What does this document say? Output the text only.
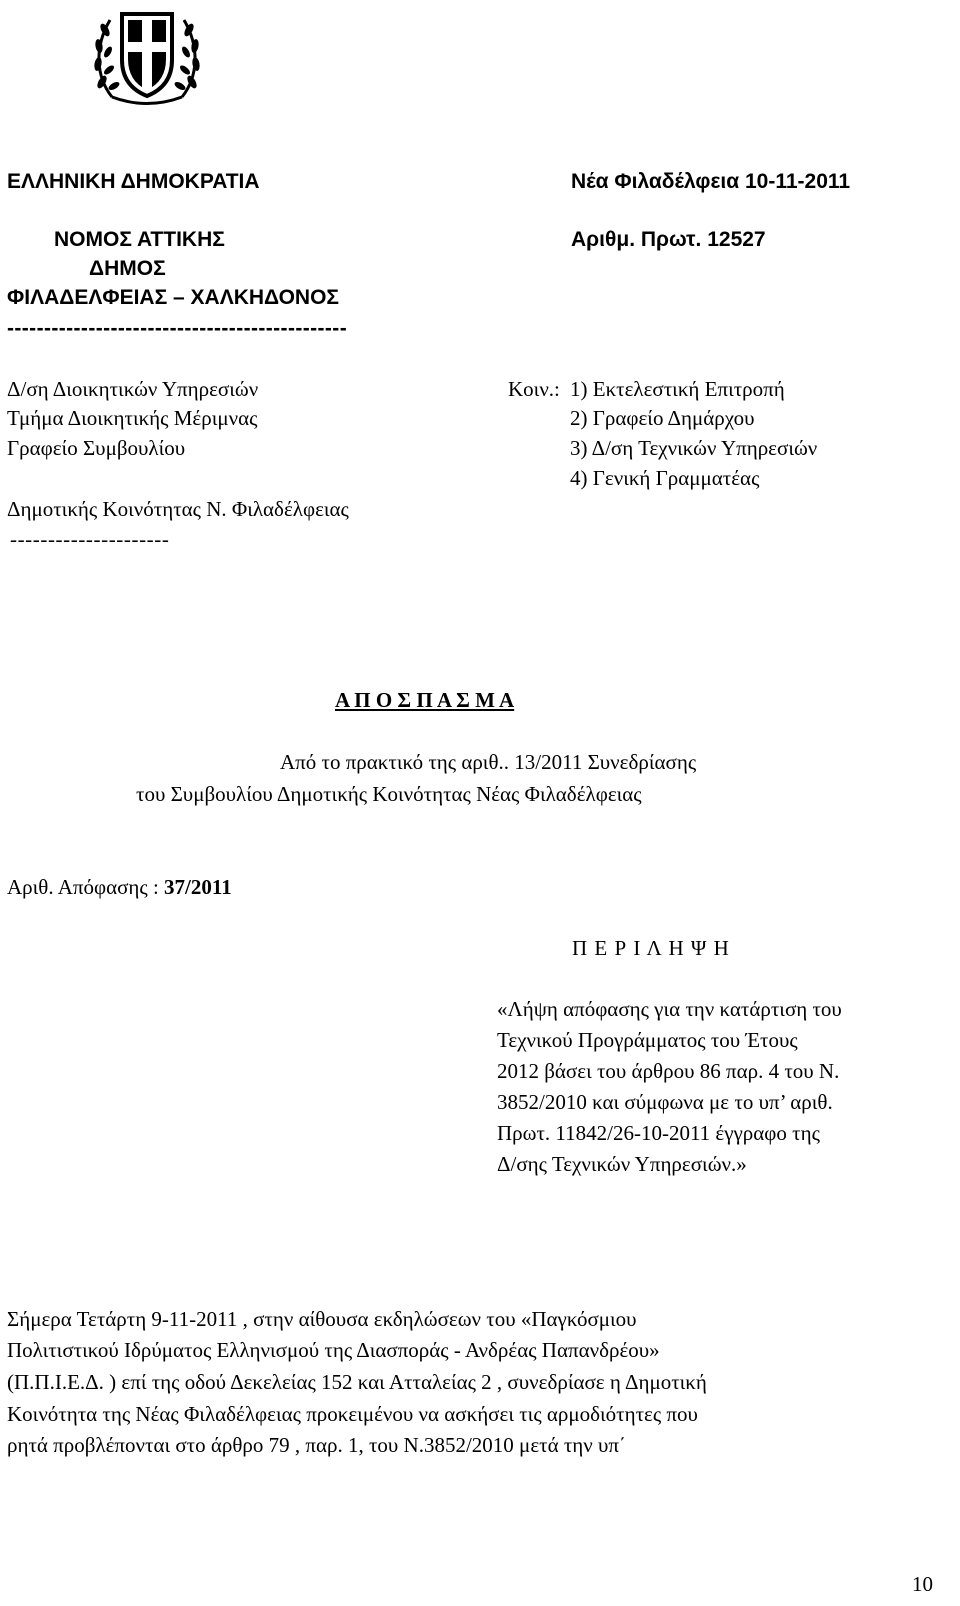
ΕΛΛΗΝΙΚΗ ΔΗΜΟΚΡΑΤΙΑ
ΝΟΜΟΣ ΑΤΤΙΚΗΣ
ΔΗΜΟΣ
ΦΙΛΑΔΕΛΦΕΙΑΣ – ΧΑΛΚΗΔΟΝΟΣ
----------------------------------------------
Νέα Φιλαδέλφεια 10-11-2011
Αριθμ. Πρωτ. 12527
Δ/ση Διοικητικών Υπηρεσιών
Τμήμα Διοικητικής Μέριμνας
Γραφείο Συμβουλίου
Δημοτικής Κοινότητας Ν. Φιλαδέλφειας
---------------------
Κοιν.: 1) Εκτελεστική Επιτροπή
2) Γραφείο Δημάρχου
3) Δ/ση Τεχνικών Υπηρεσιών
4) Γενική Γραμματέας
Α Π Ο Σ Π Α Σ Μ Α
Από το πρακτικό της αριθ.. 13/2011 Συνεδρίασης
του Συμβουλίου Δημοτικής Κοινότητας Νέας Φιλαδέλφειας
Αριθ. Απόφασης : 37/2011
Π Ε Ρ Ι Λ Η Ψ Η
«Λήψη απόφασης για την κατάρτιση του
Τεχνικού Προγράμματος του Έτους
2012 βάσει του άρθρου 86 παρ. 4 του Ν.
3852/2010 και σύμφωνα με το υπ’ αριθ.
Πρωτ. 11842/26-10-2011 έγγραφο της
Δ/σης Τεχνικών Υπηρεσιών.»
Σήμερα Τετάρτη 9-11-2011 , στην αίθουσα εκδηλώσεων του «Παγκόσμιου
Πολιτιστικού Ιδρύματος Ελληνισμού της Διασποράς - Ανδρέας Παπανδρέου»
(Π.Π.Ι.Ε.Δ. ) επί της οδού Δεκελείας 152 και Ατταλείας 2 , συνεδρίασε η Δημοτική
Κοινότητα της Νέας Φιλαδέλφειας προκειμένου να ασκήσει τις αρμοδιότητες που
ρητά προβλέπονται στο άρθρο 79 , παρ. 1, του Ν.3852/2010 μετά την υπ΄
10
